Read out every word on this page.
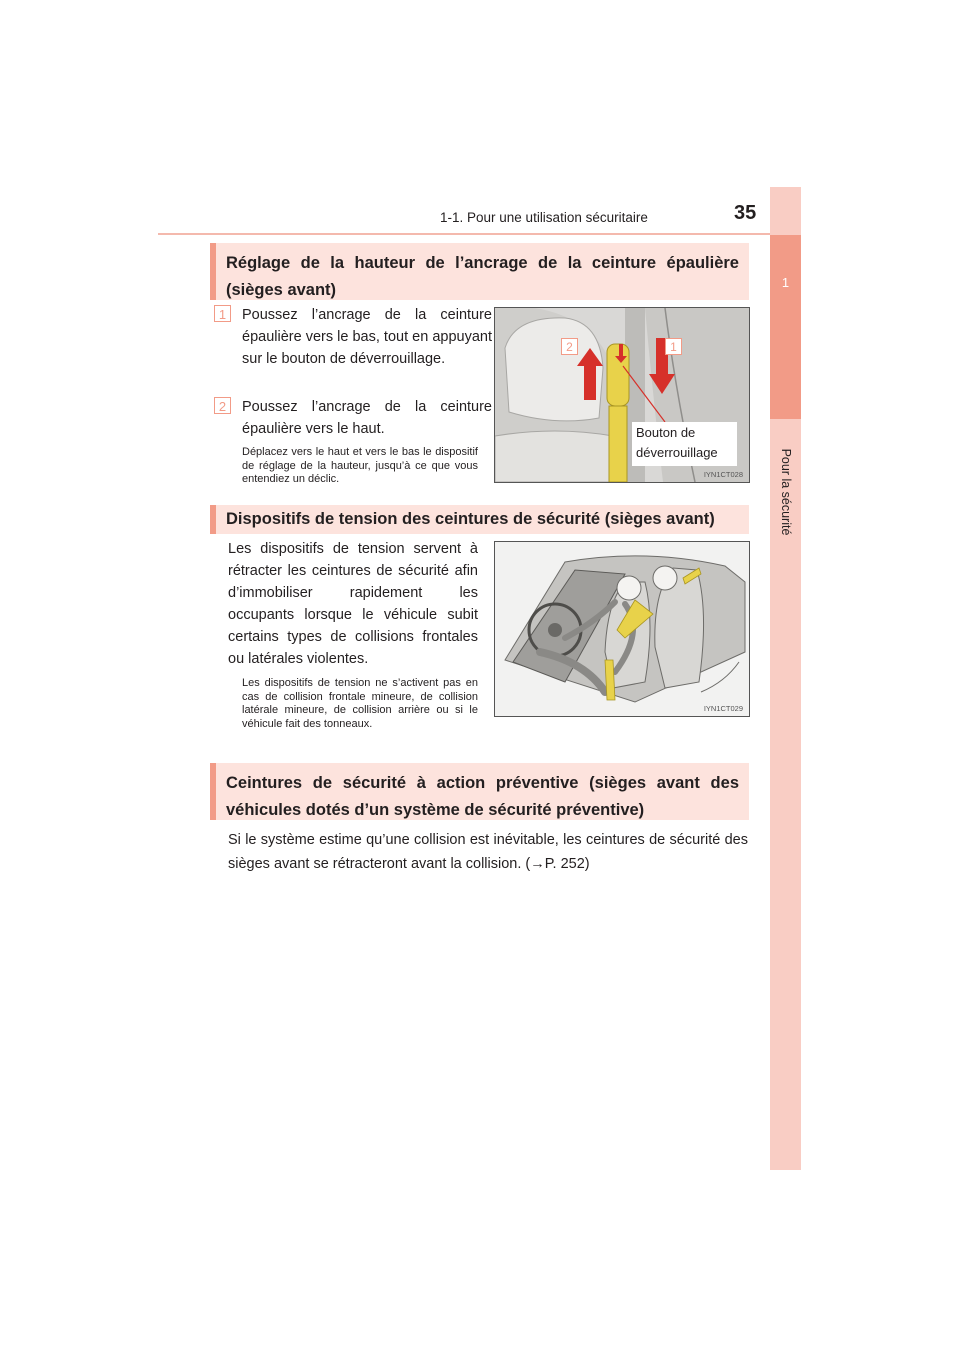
1-1. Pour une utilisation sécuritaire	35
1
Pour la sécurité
Réglage de la hauteur de l’ancrage de la ceinture épaulière (sièges avant)
1	Poussez l’ancrage de la ceinture épaulière vers le bas, tout en appuyant sur le bouton de déverrouillage.
2	Poussez l’ancrage de la ceinture épaulière vers le haut.
Déplacez vers le haut et vers le bas le dispositif de réglage de la hauteur, jusqu’à ce que vous entendiez un déclic.
2	1
Bouton de déverrouillage
IYN1CT028
Dispositifs de tension des ceintures de sécurité (sièges avant)
Les dispositifs de tension servent à rétracter les ceintures de sécurité afin d’immobiliser rapidement les occupants lorsque le véhicule subit certains types de collisions frontales ou latérales violentes.
Les dispositifs de tension ne s’activent pas en cas de collision frontale mineure, de collision latérale mineure, de collision arrière ou si le véhicule fait des tonneaux.
IYN1CT029
Ceintures de sécurité à action préventive (sièges avant des véhicules dotés d’un système de sécurité préventive)
Si le système estime qu’une collision est inévitable, les ceintures de sécurité des sièges avant se rétracteront avant la collision. (→P. 252)
